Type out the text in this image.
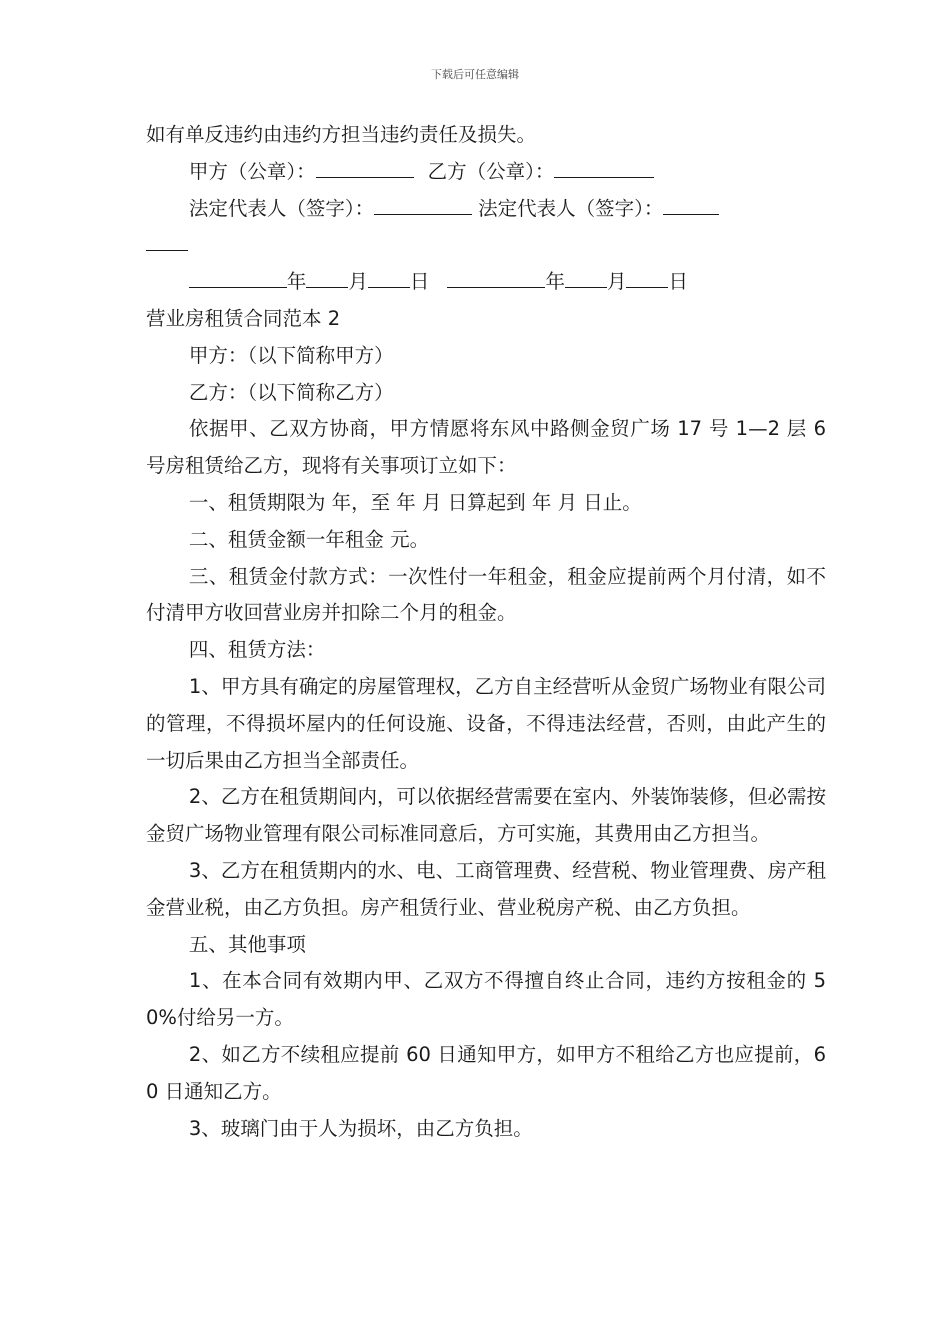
下载后可任意编辑

如有单反违约由违约方担当违约责任及损失。

甲方（公章）：	乙方（公章）：

法定代表人（签字）：	法定代表人（签字）：

年 月 日	年 月 日

营业房租赁合同范本 2

甲方：（以下简称甲方）

乙方：（以下简称乙方）

依据甲、乙双方协商，甲方情愿将东风中路侧金贸广场 17 号 1—2 层 6 号房租赁给乙方，现将有关事项订立如下：

一、租赁期限为 年，至 年 月 日算起到 年 月 日止。

二、租赁金额一年租金 元。

三、租赁金付款方式：一次性付一年租金，租金应提前两个月付清，如不付清甲方收回营业房并扣除二个月的租金。

四、租赁方法：

1、甲方具有确定的房屋管理权，乙方自主经营听从金贸广场物业有限公司的管理，不得损坏屋内的任何设施、设备，不得违法经营，否则，由此产生的一切后果由乙方担当全部责任。

2、乙方在租赁期间内，可以依据经营需要在室内、外装饰装修，但必需按金贸广场物业管理有限公司标准同意后，方可实施，其费用由乙方担当。

3、乙方在租赁期内的水、电、工商管理费、经营税、物业管理费、房产租金营业税，由乙方负担。房产租赁行业、营业税房产税、由乙方负担。

五、其他事项

1、在本合同有效期内甲、乙双方不得擅自终止合同，违约方按租金的 50%付给另一方。

2、如乙方不续租应提前 60 日通知甲方，如甲方不租给乙方也应提前，60 日通知乙方。

3、玻璃门由于人为损坏，由乙方负担。
